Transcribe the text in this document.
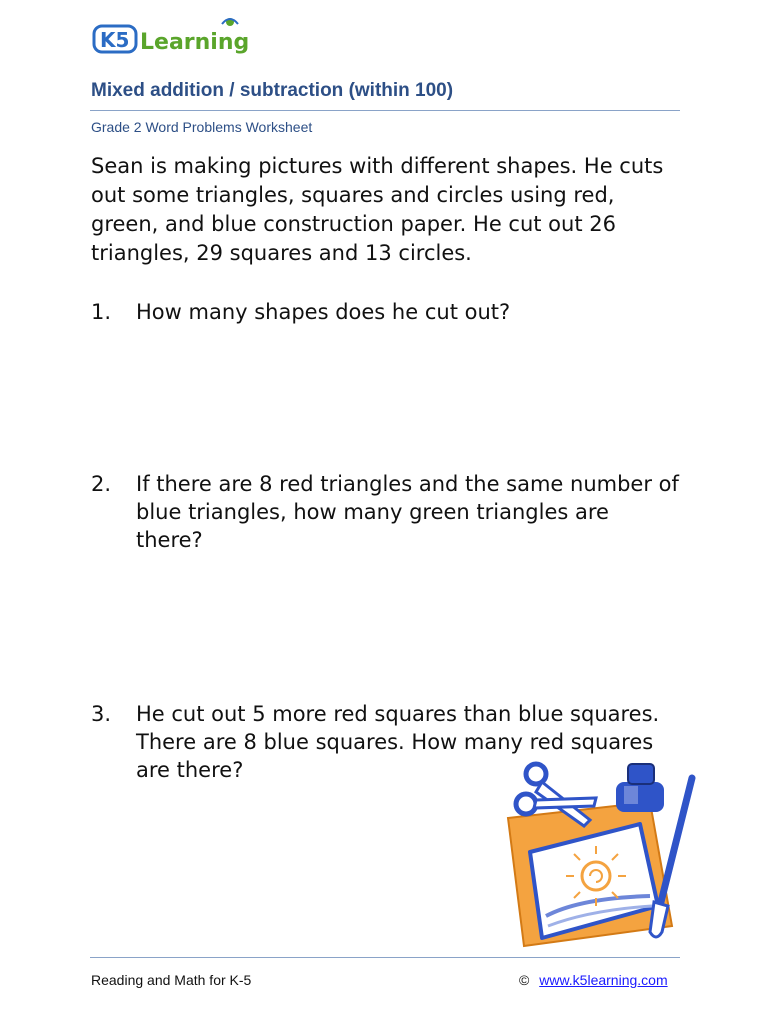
K5 Learning
Mixed addition / subtraction (within 100)
Grade 2 Word Problems Worksheet
Sean is making pictures with different shapes. He cuts out some triangles, squares and circles using red, green, and blue construction paper. He cut out 26 triangles, 29 squares and 13 circles.
1. How many shapes does he cut out?
2. If there are 8 red triangles and the same number of blue triangles, how many green triangles are there?
3. He cut out 5 more red squares than blue squares. There are 8 blue squares. How many red squares are there?
Reading and Math for K-5	© www.k5learning.com
